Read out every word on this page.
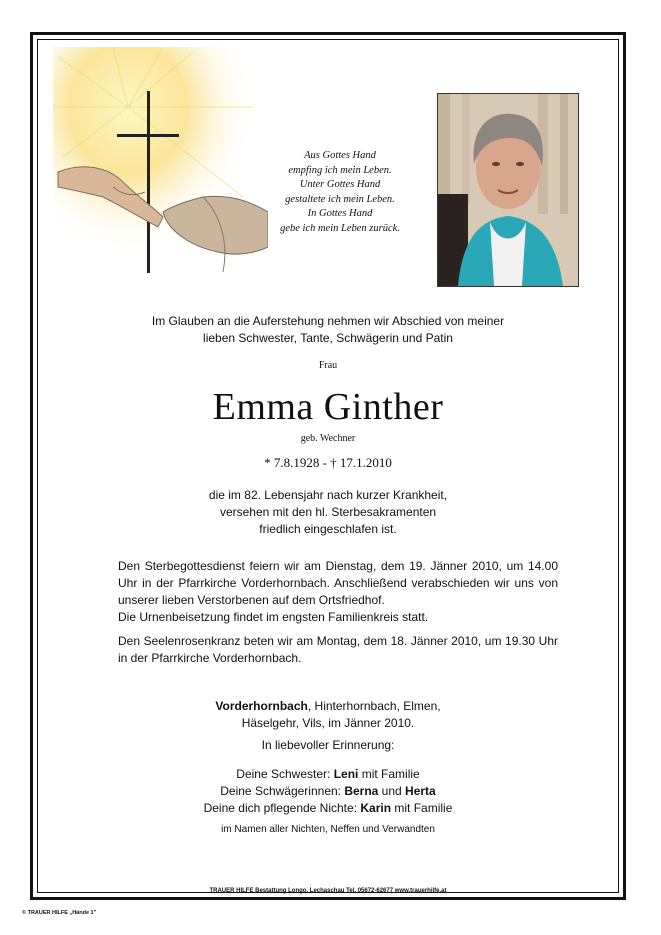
Aus Gottes Hand
empfing ich mein Leben.
Unter Gottes Hand
gestaltete ich mein Leben.
In Gottes Hand
gebe ich mein Leben zurück.
Im Glauben an die Auferstehung nehmen wir Abschied von meiner
lieben Schwester, Tante, Schwägerin und Patin
Frau
Emma Ginther
geb. Wechner
* 7.8.1928 - † 17.1.2010
die im 82. Lebensjahr nach kurzer Krankheit,
versehen mit den hl. Sterbesakramenten
friedlich eingeschlafen ist.
Den Sterbegottesdienst feiern wir am Dienstag, dem 19. Jänner 2010, um 14.00 Uhr in der Pfarrkirche Vorderhornbach. Anschließend verabschieden wir uns von unserer lieben Verstorbenen auf dem Ortsfriedhof.
Die Urnenbeisetzung findet im engsten Familienkreis statt.
Den Seelenrosenkranz beten wir am Montag, dem 18. Jänner 2010, um 19.30 Uhr in der Pfarrkirche Vorderhornbach.
Vorderhornbach, Hinterhornbach, Elmen,
Häselgehr, Vils, im Jänner 2010.
In liebevoller Erinnerung:
Deine Schwester: Leni mit Familie
Deine Schwägerinnen: Berna und Herta
Deine dich pflegende Nichte: Karin mit Familie
im Namen aller Nichten, Neffen und Verwandten
TRAUER HILFE Bestattung Longo, Lechaschau Tel. 05672-62677 www.trauerhilfe.at
© TRAUER HILFE „Hände 1"
